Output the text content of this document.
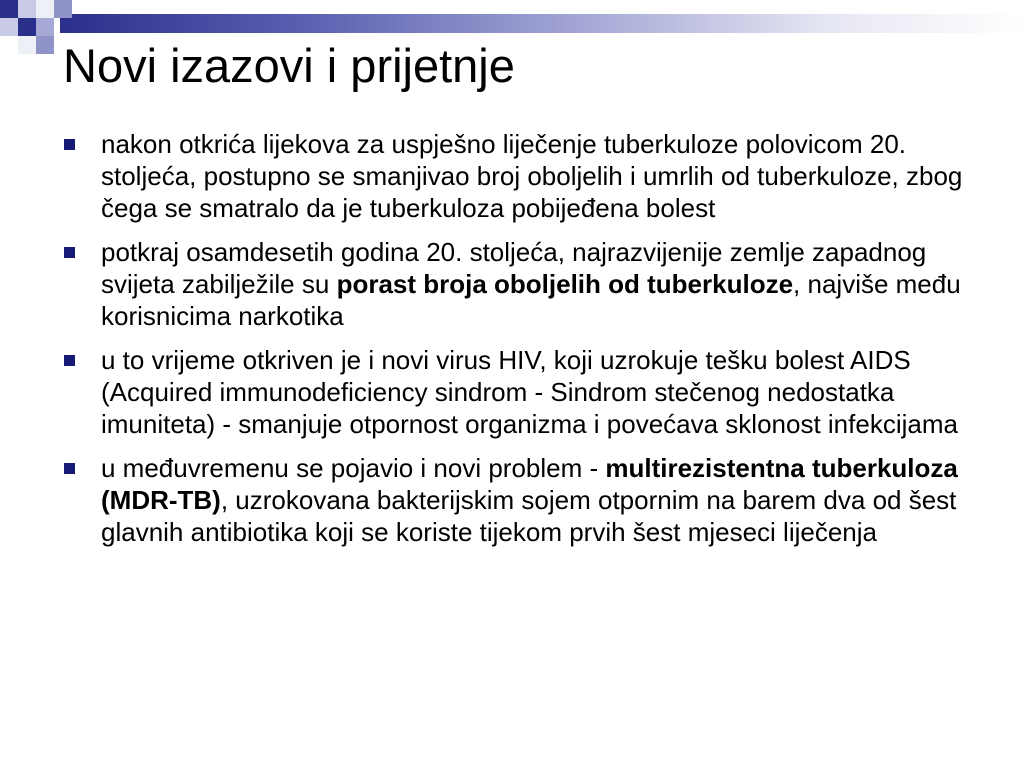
Novi izazovi i prijetnje
nakon otkrića lijekova za uspješno liječenje tuberkuloze polovicom 20. stoljeća, postupno se smanjivao broj oboljelih i umrlih od tuberkuloze, zbog čega se smatralo da je tuberkuloza pobijeđena bolest
potkraj osamdesetih godina 20. stoljeća, najrazvijenije zemlje zapadnog svijeta zabilježile su porast broja oboljelih od tuberkuloze, najviše među korisnicima narkotika
u to vrijeme otkriven je i novi virus HIV, koji uzrokuje tešku bolest AIDS (Acquired immunodeficiency sindrom - Sindrom stečenog nedostatka imuniteta) - smanjuje otpornost organizma i povećava sklonost infekcijama
u međuvremenu se pojavio i novi problem - multirezistentna tuberkuloza (MDR-TB), uzrokovana bakterijskim sojem otpornim na barem dva od šest glavnih antibiotika koji se koriste tijekom prvih šest mjeseci liječenja
